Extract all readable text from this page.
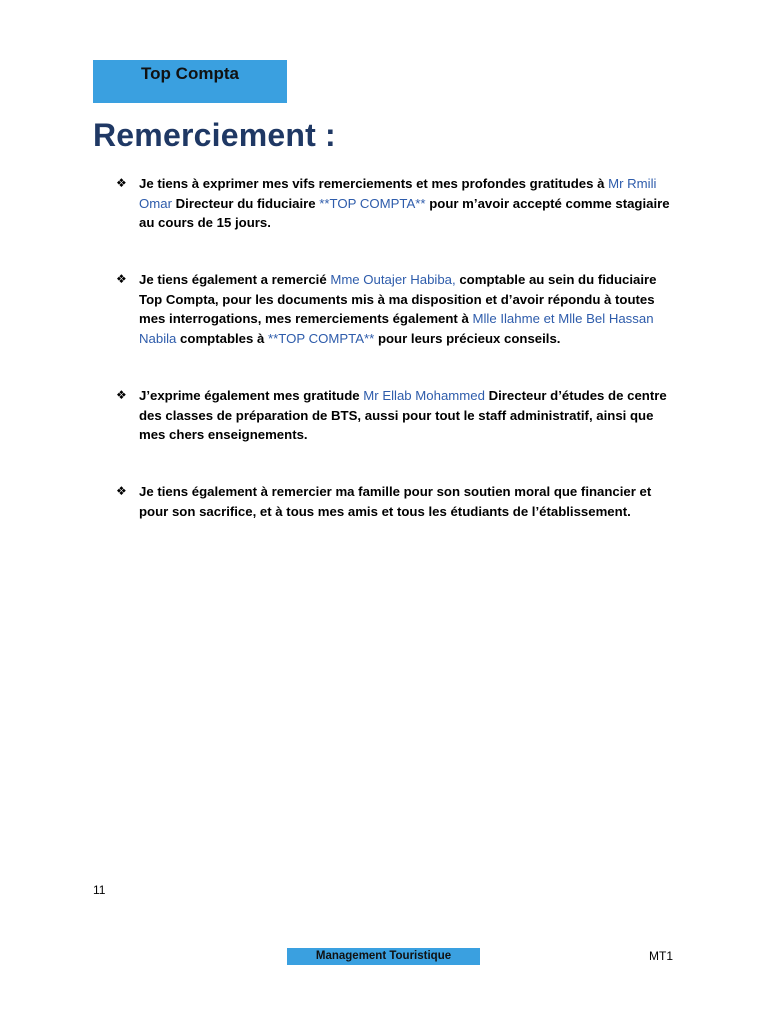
Top Compta
Remerciement :
❖ Je tiens à exprimer mes vifs remerciements et mes profondes gratitudes à Mr Rmili Omar Directeur du fiduciaire **TOP COMPTA** pour m’avoir accepté comme stagiaire au cours de 15 jours.
❖ Je tiens également a remercié Mme Outajer Habiba, comptable au sein du fiduciaire Top Compta, pour les documents mis à ma disposition et d’avoir répondu à toutes mes interrogations, mes remerciements également à Mlle Ilahme et Mlle Bel Hassan Nabila comptables à **TOP COMPTA** pour leurs précieux conseils.
❖ J’exprime également mes gratitude Mr Ellab Mohammed Directeur d’études de centre des classes de préparation de BTS, aussi pour tout le staff administratif, ainsi que mes chers enseignements.
❖ Je tiens également à remercier ma famille pour son soutien moral que financier et pour son sacrifice, et à tous mes amis et tous les étudiants de l’établissement.
11
Management Touristique	MT1
